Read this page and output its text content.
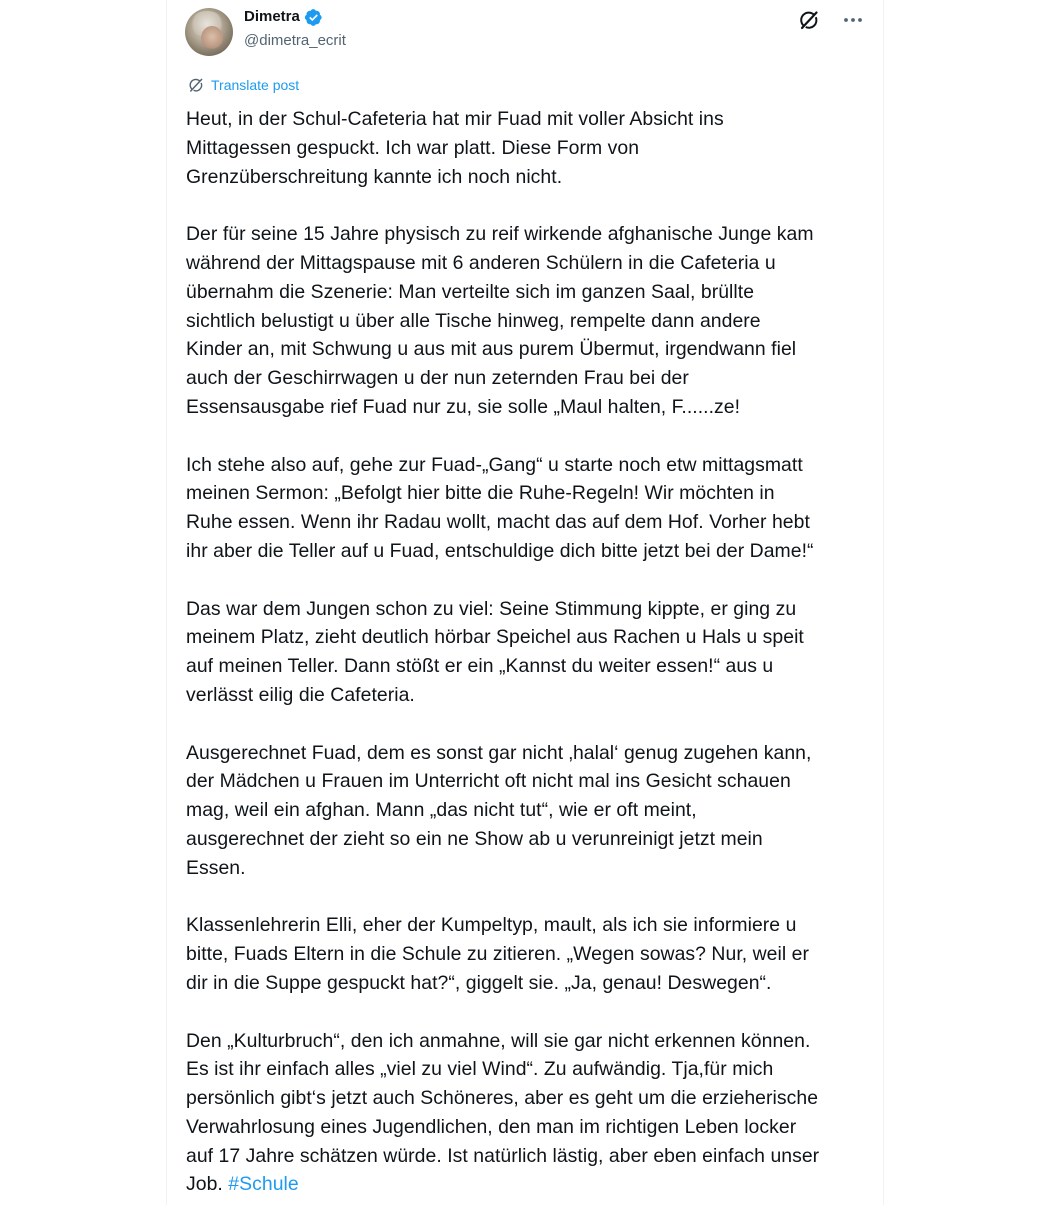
Dimetra
@dimetra_ecrit
Translate post

Heut, in der Schul-Cafeteria hat mir Fuad mit voller Absicht ins
Mittagessen gespuckt. Ich war platt. Diese Form von
Grenzüberschreitung kannte ich noch nicht.

Der für seine 15 Jahre physisch zu reif wirkende afghanische Junge kam
während der Mittagspause mit 6 anderen Schülern in die Cafeteria u
übernahm die Szenerie: Man verteilte sich im ganzen Saal, brüllte
sichtlich belustigt u über alle Tische hinweg, rempelte dann andere
Kinder an, mit Schwung u aus mit aus purem Übermut, irgendwann fiel
auch der Geschirrwagen u der nun zeternden Frau bei der
Essensausgabe rief Fuad nur zu, sie solle „Maul halten, F......ze!

Ich stehe also auf, gehe zur Fuad-„Gang“ u starte noch etw mittagsmatt
meinen Sermon: „Befolgt hier bitte die Ruhe-Regeln! Wir möchten in
Ruhe essen. Wenn ihr Radau wollt, macht das auf dem Hof. Vorher hebt
ihr aber die Teller auf u Fuad, entschuldige dich bitte jetzt bei der Dame!“

Das war dem Jungen schon zu viel: Seine Stimmung kippte, er ging zu
meinem Platz, zieht deutlich hörbar Speichel aus Rachen u Hals u speit
auf meinen Teller. Dann stößt er ein „Kannst du weiter essen!“ aus u
verlässt eilig die Cafeteria.

Ausgerechnet Fuad, dem es sonst gar nicht ‚halal‘ genug zugehen kann,
der Mädchen u Frauen im Unterricht oft nicht mal ins Gesicht schauen
mag, weil ein afghan. Mann „das nicht tut“, wie er oft meint,
ausgerechnet der zieht so ein ne Show ab u verunreinigt jetzt mein
Essen.

Klassenlehrerin Elli, eher der Kumpeltyp, mault, als ich sie informiere u
bitte, Fuads Eltern in die Schule zu zitieren. „Wegen sowas? Nur, weil er
dir in die Suppe gespuckt hat?“, giggelt sie. „Ja, genau! Deswegen“.

Den „Kulturbruch“, den ich anmahne, will sie gar nicht erkennen können.
Es ist ihr einfach alles „viel zu viel Wind“. Zu aufwändig. Tja,für mich
persönlich gibt‘s jetzt auch Schöneres, aber es geht um die erzieherische
Verwahrlosung eines Jugendlichen, den man im richtigen Leben locker
auf 17 Jahre schätzen würde. Ist natürlich lästig, aber eben einfach unser
Job. #Schule
